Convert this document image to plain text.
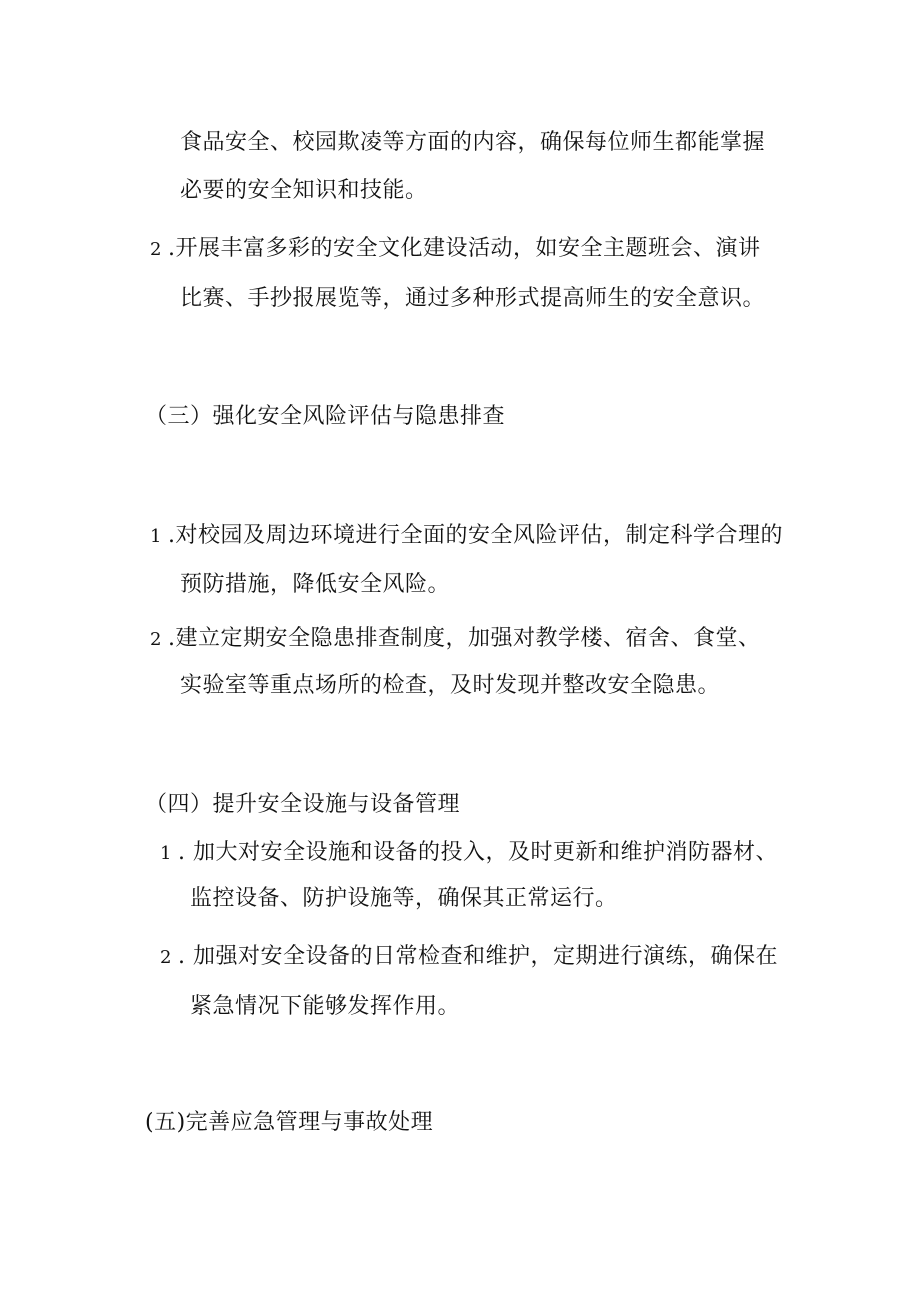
食品安全、校园欺凌等方面的内容，确保每位师生都能掌握
必要的安全知识和技能。
2 .开展丰富多彩的安全文化建设活动，如安全主题班会、演讲
比赛、手抄报展览等，通过多种形式提高师生的安全意识。
（三）强化安全风险评估与隐患排查
1 .对校园及周边环境进行全面的安全风险评估，制定科学合理的
预防措施，降低安全风险。
2 .建立定期安全隐患排查制度，加强对教学楼、宿舍、食堂、
实验室等重点场所的检查，及时发现并整改安全隐患。
（四）提升安全设施与设备管理
1 . 加大对安全设施和设备的投入，及时更新和维护消防器材、
监控设备、防护设施等，确保其正常运行。
2 . 加强对安全设备的日常检查和维护，定期进行演练，确保在
紧急情况下能够发挥作用。
(五)完善应急管理与事故处理
